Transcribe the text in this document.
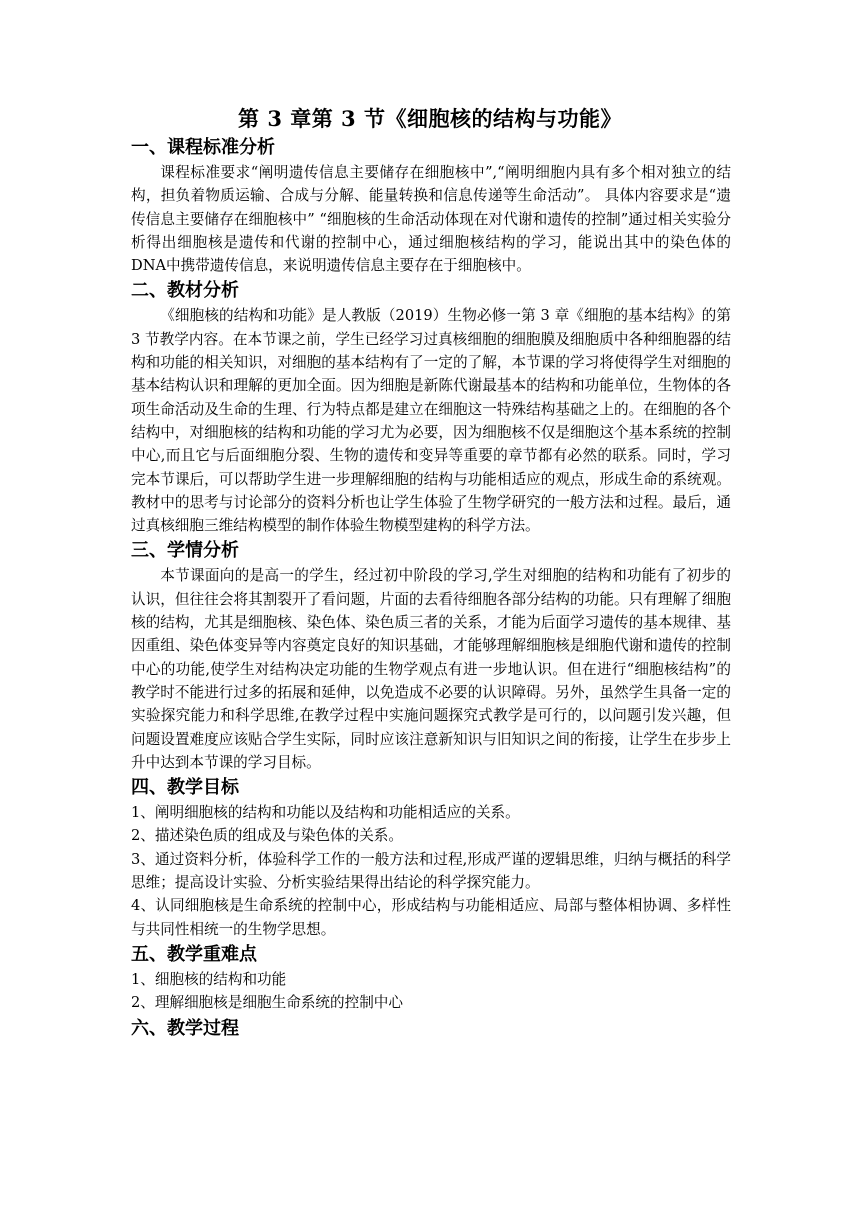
第 3 章第 3 节《细胞核的结构与功能》
一、课程标准分析

课程标准要求“阐明遗传信息主要储存在细胞核中”,“阐明细胞内具有多个相对独立的结构，担负着物质运输、合成与分解、能量转换和信息传递等生命活动”。 具体内容要求是“遗传信息主要储存在细胞核中” “细胞核的生命活动体现在对代谢和遗传的控制”通过相关实验分析得出细胞核是遗传和代谢的控制中心，通过细胞核结构的学习，能说出其中的染色体的DNA中携带遗传信息，来说明遗传信息主要存在于细胞核中。

二、教材分析

《细胞核的结构和功能》是人教版（2019）生物必修一第 3 章《细胞的基本结构》的第 3 节教学内容。在本节课之前，学生已经学习过真核细胞的细胞膜及细胞质中各种细胞器的结构和功能的相关知识，对细胞的基本结构有了一定的了解，本节课的学习将使得学生对细胞的基本结构认识和理解的更加全面。因为细胞是新陈代谢最基本的结构和功能单位，生物体的各项生命活动及生命的生理、行为特点都是建立在细胞这一特殊结构基础之上的。在细胞的各个结构中，对细胞核的结构和功能的学习尤为必要，因为细胞核不仅是细胞这个基本系统的控制中心,而且它与后面细胞分裂、生物的遗传和变异等重要的章节都有必然的联系。同时，学习完本节课后，可以帮助学生进一步理解细胞的结构与功能相适应的观点，形成生命的系统观。教材中的思考与讨论部分的资料分析也让学生体验了生物学研究的一般方法和过程。最后，通过真核细胞三维结构模型的制作体验生物模型建构的科学方法。

三、学情分析

本节课面向的是高一的学生，经过初中阶段的学习,学生对细胞的结构和功能有了初步的认识，但往往会将其割裂开了看问题，片面的去看待细胞各部分结构的功能。只有理解了细胞核的结构，尤其是细胞核、染色体、染色质三者的关系，才能为后面学习遗传的基本规律、基因重组、染色体变异等内容奠定良好的知识基础，才能够理解细胞核是细胞代谢和遗传的控制中心的功能,使学生对结构决定功能的生物学观点有进一步地认识。但在进行“细胞核结构”的教学时不能进行过多的拓展和延伸，以免造成不必要的认识障碍。另外，虽然学生具备一定的实验探究能力和科学思维,在教学过程中实施问题探究式教学是可行的，以问题引发兴趣，但问题设置难度应该贴合学生实际，同时应该注意新知识与旧知识之间的衔接，让学生在步步上升中达到本节课的学习目标。

四、教学目标

1、阐明细胞核的结构和功能以及结构和功能相适应的关系。

2、描述染色质的组成及与染色体的关系。

3、通过资料分析，体验科学工作的一般方法和过程,形成严谨的逻辑思维，归纳与概括的科学思维；提高设计实验、分析实验结果得出结论的科学探究能力。

4、认同细胞核是生命系统的控制中心，形成结构与功能相适应、局部与整体相协调、多样性与共同性相统一的生物学思想。

五、教学重难点

1、细胞核的结构和功能

2、理解细胞核是细胞生命系统的控制中心

六、教学过程
